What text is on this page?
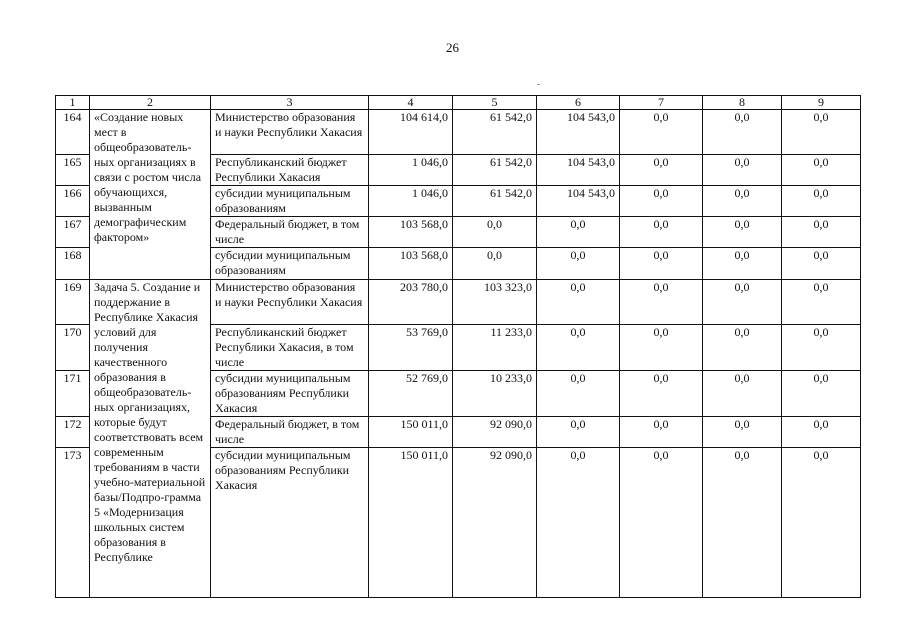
26
1	2	3	4	5	6	7	8	9
164	«Создание новых мест в общеобразователь-ных организациях в связи с ростом числа обучающихся, вызванным демографическим фактором»	Министерство образования и науки Республики Хакасия	104 614,0	61 542,0	104 543,0	0,0	0,0	0,0
165		Республиканский бюджет Республики Хакасия	1 046,0	61 542,0	104 543,0	0,0	0,0	0,0
166		субсидии муниципальным образованиям	1 046,0	61 542,0	104 543,0	0,0	0,0	0,0
167		Федеральный бюджет, в том числе	103 568,0	0,0	0,0	0,0	0,0	0,0
168		субсидии муниципальным образованиям	103 568,0	0,0	0,0	0,0	0,0	0,0
169	Задача 5. Создание и поддержание в Республике Хакасия условий для получения качественного образования в общеобразователь-ных организациях, которые будут соответствовать всем современным требованиям в части учебно-материальной базы/Подпро-грамма 5 «Модернизация школьных систем образования в Республике	Министерство образования и науки Республики Хакасия	203 780,0	103 323,0	0,0	0,0	0,0	0,0
170		Республиканский бюджет Республики Хакасия, в том числе	53 769,0	11 233,0	0,0	0,0	0,0	0,0
171		субсидии муниципальным образованиям Республики Хакасия	52 769,0	10 233,0	0,0	0,0	0,0	0,0
172		Федеральный бюджет, в том числе	150 011,0	92 090,0	0,0	0,0	0,0	0,0
173		субсидии муниципальным образованиям Республики Хакасия	150 011,0	92 090,0	0,0	0,0	0,0	0,0
